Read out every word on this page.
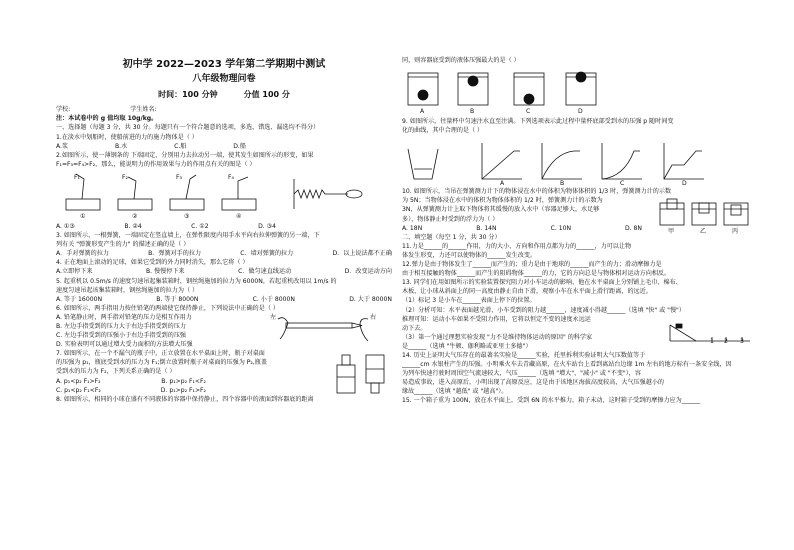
初中学 2022—2023 学年第二学期期中测试
八年级物理问卷
时间：100 分钟	分值 100 分
学校:	学生姓名:
注：本试卷中的 g 值均取 10g/kg。
一、选择题（每题 3 分，共 30 分。每题只有一个符合题意的选项，多选、错选、漏选均不得分）
1.在淡水中划船时，使船前进的力的施力物体是（ ）
A.浆	B.水	C.船	D.船
2.如图所示，使一薄钢条的 下端固定，分别用力去拉动另一端，使其发生如图所示的形变，如果
F₁=F₃=F₄>F₂，那么，能说明力的作用效果与力的作用点有关的图是（ ）
F₁	F₂	F₃	F₄
①	②	③	④
A. ①③	B. ②4	C. ①2	D. ③4
3. 如图所示，一根弹簧，一端固定在竖直墙上，在弹性限度内用手水平向右拉伸弹簧的另一端，下
列有关 "弹簧形变产生的力" 的描述正确的是（ ）
A．手对弹簧的拉力	B．弹簧对手的拉力	C．墙对弹簧的拉力	D．以上说法都不正确
4. 正在地面上滚动的足球，如果它受到的外力同时消失，那么它将（ ）
A.立即停下来	B. 慢慢停下来	C．做匀速直线运动	D．改变运动方向
5. 起重机以 0.5m/s 的速度匀速吊起集装箱时，钢丝绳施加的拉力为 6000N，若起重机改用以 1m/s 的
速度匀速吊起该集装箱时，钢丝绳施加的拉力为（ ）
A. 等于 16000N	B. 等于 8000N	C. 小于 8000N	D. 大于 8000N
6. 如图所示，两手指用力按住铅笔的两端使它保持静止，下列说法中正确的是（ ）
A. 铅笔静止时，两手指对铅笔的压力是相互作用力
B. 左边手指受到的压力大于右边手指受到的压力
C. 左边手指受到的压强小于右边手指受到的压强
D. 实验表明可以通过增大受力面积的方法增大压强
左	右
7. 如图所示，在一个不漏气的瓶子中，正立放置在水平桌面上时，瓶子对桌面
的压强为 p₁，瓶底受到水的压力为 F₁;倒立放置时瓶子对桌面的压强为 P₂,瓶盖
受到水的压力为 F₂，下列关系正确的是（ ）
A. p₁<p₂ F₁>F₂	B. p₁>p₂ F₁<F₂
C. p₁<p₂ F₁<F₂	D. p₁>p₂ F₁>F₂
8. 如图所示，相同的小球在盛有不同液体的容器中保持静止，四个容器中的液面到容器底的距离
同，则容器底受到的液体压强最大的是（ ）
A	B	C	D
9. 如图所示，往量杯中匀速注水直至注满。下列选项表示此过程中量杯底部受到水的压强 p 随时间变
化的曲线，其中合理的是（ ）
A	B	C	D
10. 如图所示，当吊在弹簧测力计下的物体浸在水中的体积为物体体积的 1/3 时，弹簧测力计的示数
为 5N；当物体浸在水中的体积为物体体积的 1/2 时，弹簧测力计的示数为
3N，从弹簧测力计上取下物体将其缓慢的放入水中（容器足够大，水足够
多），物体静止时受到的浮力为（ ）
A. 18N	B. 14N	C. 10N	D. 8N
甲	乙	丙
二、填空题（每空 1 分，共 30 分）
11.力是______的______作用，力的大小、方向和作用点都为力的______，力可以让物
体发生形变，力还可以使物体的______发生改变。
12.弹力是由于物体发生了______而产生的；重力是由于地球的______而产生的力；滑动摩擦力是
由于相互接触的物体______而产生的阻碍物体______的力，它的方向总是与物体相对运动方向相反。
13. 同学们在用如图所示的实验装置探究阻力对小车运动的影响，他在水平桌面上分别铺上毛巾、棉布、
木板，让小球从斜面上的同一高度由静止自由下滑，观察小车在水平面上滑行距离，的远近。
（1）标记 3 是小车在______表面上停下的位置。
（2）分析可知：水平表面越光滑，小车受到的阻力越______，速度减小得越______（选填 "快" 或 "慢"）
推理可知：运动小车如果不受阻力作用，它将以恒定不变的速度永远运
动下去。
（3）第一个通过理想实验发现 "力不是维持物体运动的原因" 的科学家
是______（选填 "牛顿、伽利略或亚里士多德"）
1 2 3
14. 历史上证明大气压存在的最著名实验是______实验，托里拆利实验证明大气压数值等于
______cm 水银柱产生的压强。小明乘火车去青藏高原，在火车站台上看到离站台边缘 1m 左右的地方标有一条安全线，因
为列车快速行驶时周围空气流速较大，气压______（选填 "增大"、"减小" 或 "不变"），容
易造成事故，进入高原后，小明出现了高原反应，这是由于该地区海拔高度较高，大气压强越小的
缘故______（选填 "越低" 或 "越高"）。
15. 一个箱子重为 100N，放在水平面上，受到 6N 的水平推力，箱子未动，这时箱子受到的摩擦力应为______
